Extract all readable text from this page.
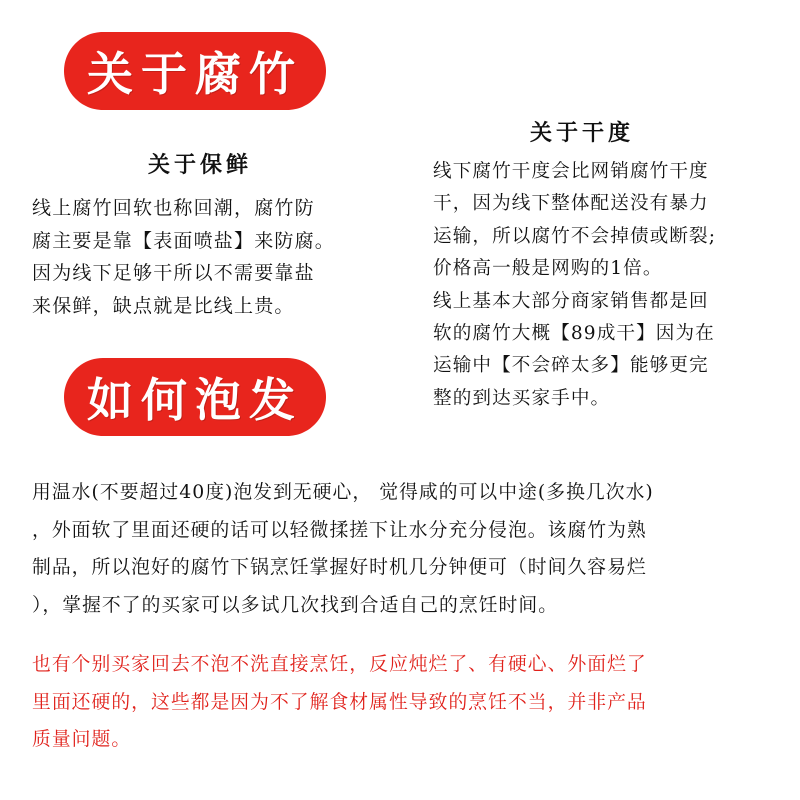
关于腐竹
关于保鲜
线上腐竹回软也称回潮，腐竹防
腐主要是靠【表面喷盐】来防腐。
因为线下足够干所以不需要靠盐
来保鲜，缺点就是比线上贵。
关于干度
线下腐竹干度会比网销腐竹干度
干，因为线下整体配送没有暴力
运输，所以腐竹不会掉债或断裂;
价格高一般是网购的1倍。
线上基本大部分商家销售都是回
软的腐竹大概【89成干】因为在
运输中【不会碎太多】能够更完
整的到达买家手中。
如何泡发
用温水(不要超过40度)泡发到无硬心， 觉得咸的可以中途(多换几次水)
，外面软了里面还硬的话可以轻微揉搓下让水分充分侵泡。该腐竹为熟
制品，所以泡好的腐竹下锅烹饪掌握好时机几分钟便可（时间久容易烂
），掌握不了的买家可以多试几次找到合适自己的烹饪时间。
也有个别买家回去不泡不洗直接烹饪，反应炖烂了、有硬心、外面烂了
里面还硬的，这些都是因为不了解食材属性导致的烹饪不当，并非产品
质量问题。
